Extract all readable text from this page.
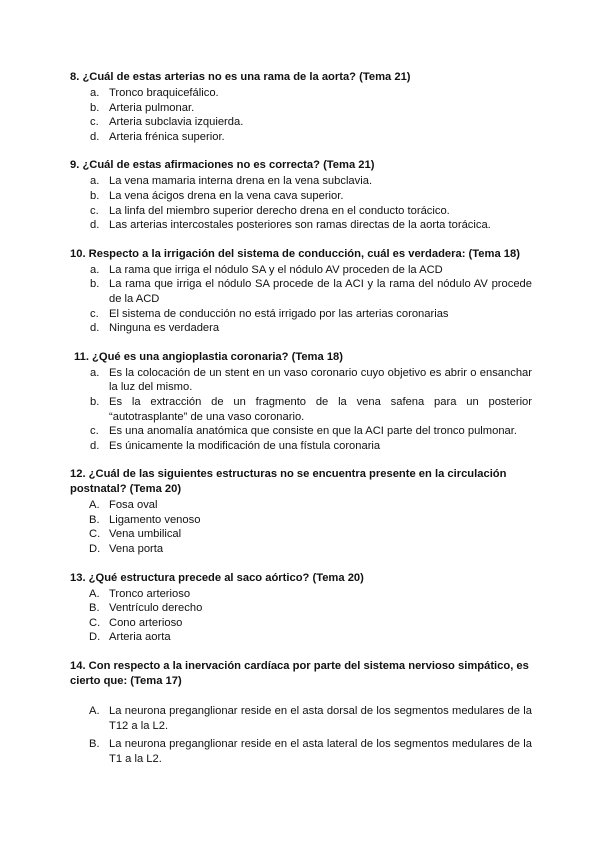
8. ¿Cuál de estas arterias no es una rama de la aorta? (Tema 21)
a. Tronco braquicefálico.
b. Arteria pulmonar.
c. Arteria subclavia izquierda.
d. Arteria frénica superior.
9. ¿Cuál de estas afirmaciones no es correcta? (Tema 21)
a. La vena mamaria interna drena en la vena subclavia.
b. La vena ácigos drena en la vena cava superior.
c. La linfa del miembro superior derecho drena en el conducto torácico.
d. Las arterias intercostales posteriores son ramas directas de la aorta torácica.
10. Respecto a la irrigación del sistema de conducción, cuál es verdadera: (Tema 18)
a. La rama que irriga el nódulo SA y el nódulo AV proceden de la ACD
b. La rama que irriga el nódulo SA procede de la ACI y la rama del nódulo AV procede de la ACD
c. El sistema de conducción no está irrigado por las arterias coronarias
d. Ninguna es verdadera
11. ¿Qué es una angioplastia coronaria? (Tema 18)
a. Es la colocación de un stent en un vaso coronario cuyo objetivo es abrir o ensanchar la luz del mismo.
b. Es la extracción de un fragmento de la vena safena para un posterior “autotrasplante” de una vaso coronario.
c. Es una anomalía anatómica que consiste en que la ACI parte del tronco pulmonar.
d. Es únicamente la modificación de una fístula coronaria
12. ¿Cuál de las siguientes estructuras no se encuentra presente en la circulación postnatal? (Tema 20)
A. Fosa oval
B. Ligamento venoso
C. Vena umbilical
D. Vena porta
13. ¿Qué estructura precede al saco aórtico? (Tema 20)
A. Tronco arterioso
B. Ventrículo derecho
C. Cono arterioso
D. Arteria aorta
14. Con respecto a la inervación cardíaca por parte del sistema nervioso simpático, es cierto que: (Tema 17)
A. La neurona preganglionar reside en el asta dorsal de los segmentos medulares de la T12 a la L2.
B. La neurona preganglionar reside en el asta lateral de los segmentos medulares de la T1 a la L2.
